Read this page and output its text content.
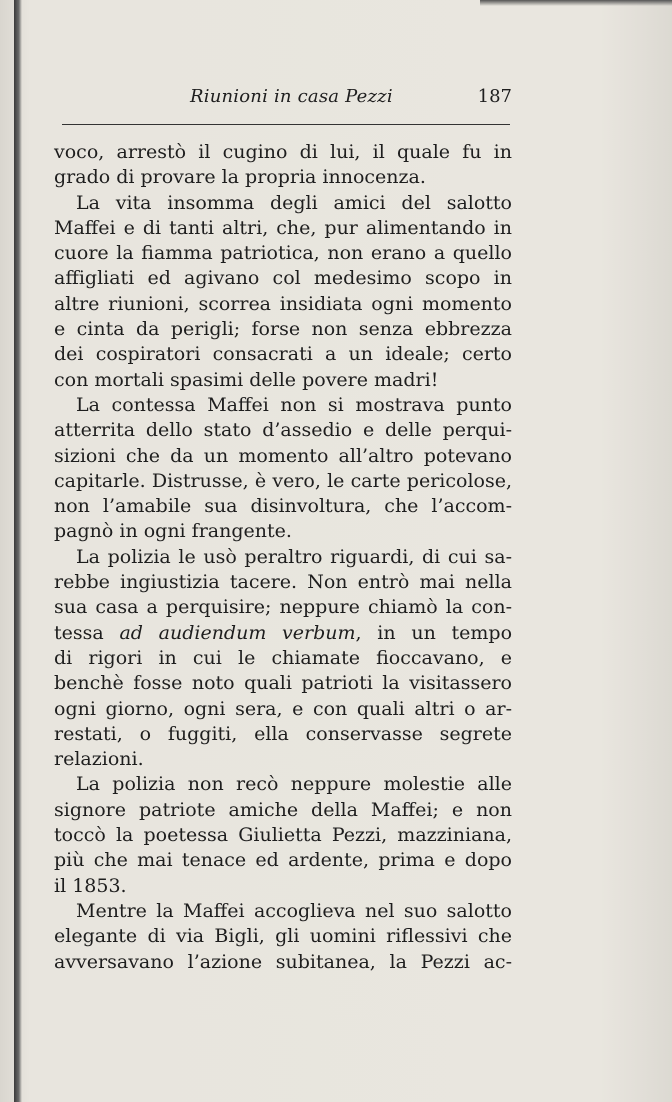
Riunioni in casa Pezzi	187
voco, arrestò il cugino di lui, il quale fu in
grado di provare la propria innocenza.
La vita insomma degli amici del salotto
Maffei e di tanti altri, che, pur alimentando in
cuore la fiamma patriotica, non erano a quello
affigliati ed agivano col medesimo scopo in
altre riunioni, scorrea insidiata ogni momento
e cinta da perigli; forse non senza ebbrezza
dei cospiratori consacrati a un ideale; certo
con mortali spasimi delle povere madri!
La contessa Maffei non si mostrava punto
atterrita dello stato d’assedio e delle perqui-
sizioni che da un momento all’altro potevano
capitarle. Distrusse, è vero, le carte pericolose,
non l’amabile sua disinvoltura, che l’accom-
pagnò in ogni frangente.
La polizia le usò peraltro riguardi, di cui sa-
rebbe ingiustizia tacere. Non entrò mai nella
sua casa a perquisire; neppure chiamò la con-
tessa ad audiendum verbum, in un tempo
di rigori in cui le chiamate fioccavano, e
benchè fosse noto quali patrioti la visitassero
ogni giorno, ogni sera, e con quali altri o ar-
restati, o fuggiti, ella conservasse segrete
relazioni.
La polizia non recò neppure molestie alle
signore patriote amiche della Maffei; e non
toccò la poetessa Giulietta Pezzi, mazziniana,
più che mai tenace ed ardente, prima e dopo
il 1853.
Mentre la Maffei accoglieva nel suo salotto
elegante di via Bigli, gli uomini riflessivi che
avversavano l’azione subitanea, la Pezzi ac-
